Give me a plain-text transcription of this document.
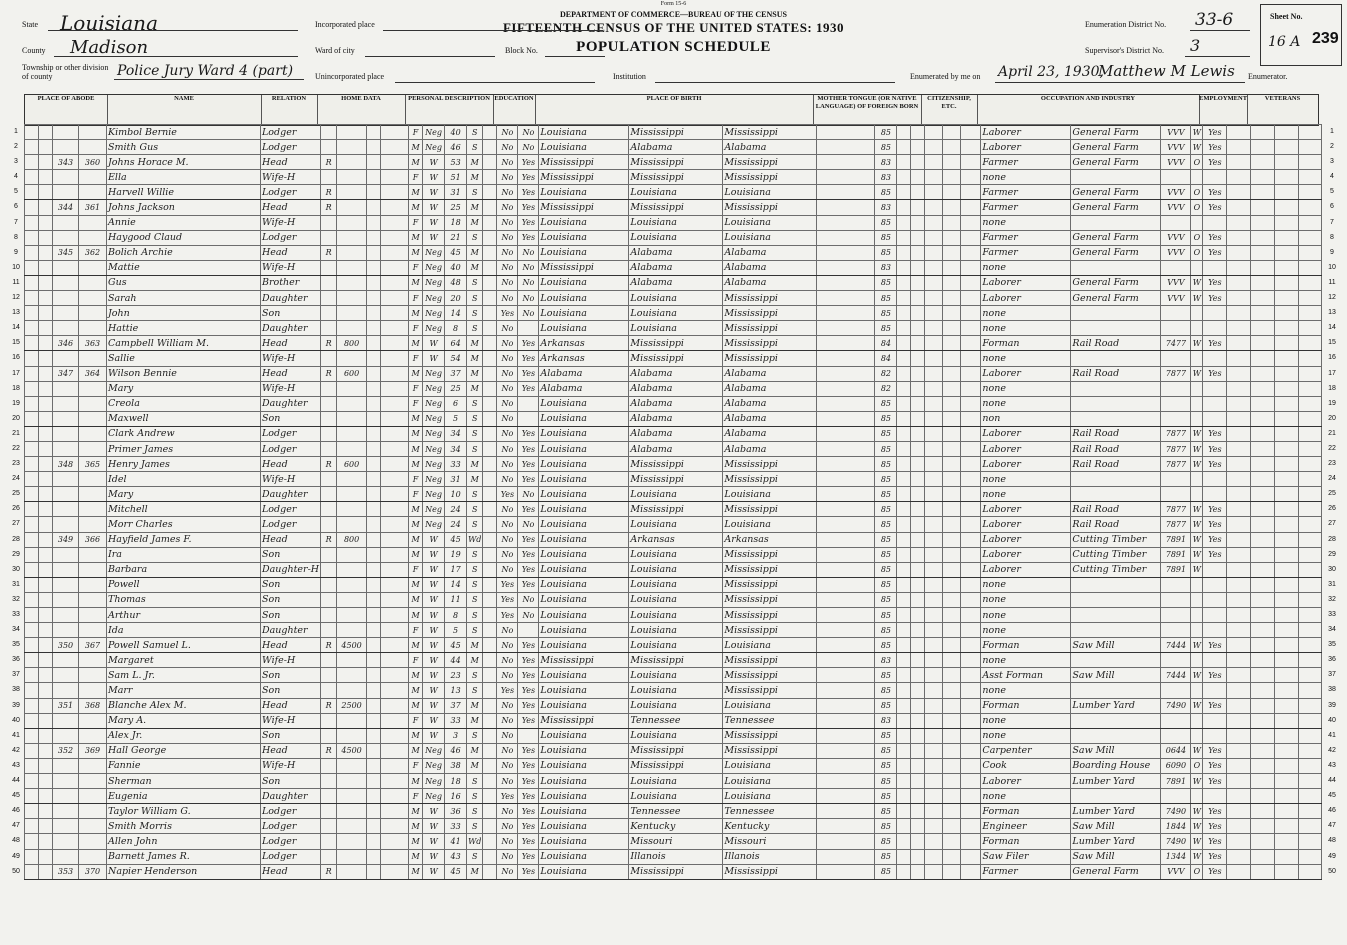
Form 15-6
DEPARTMENT OF COMMERCE—BUREAU OF THE CENSUS
FIFTEENTH CENSUS OF THE UNITED STATES: 1930
POPULATION SCHEDULE
State Louisiana
County Madison
Township or other division of county	Police Jury Ward 4 (part)
Incorporated place
Ward of city	Block No.
Unincorporated place	Institution
Enumeration District No. 33-6
Supervisor's District No. 3
Sheet No.
16 A 239
Enumerated by me on April 23, 1930,
Matthew M Lewis Enumerator.
PLACE OF ABODE	NAME	RELATION	HOME DATA	PERSONAL DESCRIPTION EDUCATION	PLACE OF BIRTH	MOTHER TONGUE (OR NATIVE LANGUAGE) OF FOREIGN BORN
CITIZENSHIP, ETC.
OCCUPATION AND INDUSTRY	EMPLOYMENT	VETERANS
1
2
3
4
5
6
7
8
9
10
11
12
13
14
15
16
17
18
19
20
21
22
23
24
25
26
27
28
29
30
31
32
33
34
35
36
37
38
39
40
41
42
43
44
45
46
47
48
49
50
				Kimbol Bernie	Lodger					F	Neg	40	S		No	No	Louisiana	Mississippi	Mississippi		85						Laborer	General Farm	VVV	W	Yes				
				Smith Gus	Lodger					M	Neg	46	S		No	No	Louisiana	Alabama	Alabama		85						Laborer	General Farm	VVV	W	Yes				
		343	360	Johns Horace M.	Head	R				M	W	53	M		No	Yes	Mississippi	Mississippi	Mississippi		83						Farmer	General Farm	VVV	O	Yes				
				Ella	Wife-H					F	W	51	M		No	Yes	Mississippi	Mississippi	Mississippi		83						none								
				Harvell Willie	Lodger	R				M	W	31	S		No	Yes	Louisiana	Louisiana	Louisiana		85						Farmer	General Farm	VVV	O	Yes				
		344	361	Johns Jackson	Head	R				M	W	25	M		No	Yes	Mississippi	Mississippi	Mississippi		83						Farmer	General Farm	VVV	O	Yes				
				Annie	Wife-H					F	W	18	M		No	Yes	Louisiana	Louisiana	Louisiana		85						none								
				Haygood Claud	Lodger					M	W	21	S		No	Yes	Louisiana	Louisiana	Louisiana		85						Farmer	General Farm	VVV	O	Yes				
		345	362	Bolich Archie	Head	R				M	Neg	45	M		No	No	Louisiana	Alabama	Alabama		85						Farmer	General Farm	VVV	O	Yes				
				Mattie	Wife-H					F	Neg	40	M		No	No	Mississippi	Alabama	Alabama		83						none								
				Gus	Brother					M	Neg	48	S		No	No	Louisiana	Alabama	Alabama		85						Laborer	General Farm	VVV	W	Yes				
				Sarah	Daughter					F	Neg	20	S		No	No	Louisiana	Louisiana	Mississippi		85						Laborer	General Farm	VVV	W	Yes				
				John	Son					M	Neg	14	S		Yes	No	Louisiana	Louisiana	Mississippi		85						none								
				Hattie	Daughter					F	Neg	8	S		No		Louisiana	Louisiana	Mississippi		85						none								
		346	363	Campbell William M.	Head	R	800			M	W	64	M		No	Yes	Arkansas	Mississippi	Mississippi		84						Forman	Rail Road	7477	W	Yes				
				Sallie	Wife-H					F	W	54	M		No	Yes	Arkansas	Mississippi	Mississippi		84						none								
		347	364	Wilson Bennie	Head	R	600			M	Neg	37	M		No	Yes	Alabama	Alabama	Alabama		82						Laborer	Rail Road	7877	W	Yes				
				Mary	Wife-H					F	Neg	25	M		No	Yes	Alabama	Alabama	Alabama		82						none								
				Creola	Daughter					F	Neg	6	S		No		Louisiana	Alabama	Alabama		85						none								
				Maxwell	Son					M	Neg	5	S		No		Louisiana	Alabama	Alabama		85						non								
				Clark Andrew	Lodger					M	Neg	34	S		No	Yes	Louisiana	Alabama	Alabama		85						Laborer	Rail Road	7877	W	Yes				
				Primer James	Lodger					M	Neg	34	S		No	Yes	Louisiana	Alabama	Alabama		85						Laborer	Rail Road	7877	W	Yes				
		348	365	Henry James	Head	R	600			M	Neg	33	M		No	Yes	Louisiana	Mississippi	Mississippi		85						Laborer	Rail Road	7877	W	Yes				
				Idel	Wife-H					F	Neg	31	M		No	Yes	Louisiana	Mississippi	Mississippi		85						none								
				Mary	Daughter					F	Neg	10	S		Yes	No	Louisiana	Louisiana	Louisiana		85						none								
				Mitchell	Lodger					M	Neg	24	S		No	Yes	Louisiana	Mississippi	Mississippi		85						Laborer	Rail Road	7877	W	Yes				
				Morr Charles	Lodger					M	Neg	24	S		No	No	Louisiana	Louisiana	Louisiana		85						Laborer	Rail Road	7877	W	Yes				
		349	366	Hayfield James F.	Head	R	800			M	W	45	Wd		No	Yes	Louisiana	Arkansas	Arkansas		85						Laborer	Cutting Timber	7891	W	Yes				
				Ira	Son					M	W	19	S		No	Yes	Louisiana	Louisiana	Mississippi		85						Laborer	Cutting Timber	7891	W	Yes				
				Barbara	Daughter-H					F	W	17	S		No	Yes	Louisiana	Louisiana	Mississippi		85						Laborer	Cutting Timber	7891	W					
				Powell	Son					M	W	14	S		Yes	Yes	Louisiana	Louisiana	Mississippi		85						none								
				Thomas	Son					M	W	11	S		Yes	No	Louisiana	Louisiana	Mississippi		85						none								
				Arthur	Son					M	W	8	S		Yes	No	Louisiana	Louisiana	Mississippi		85						none								
				Ida	Daughter					F	W	5	S		No		Louisiana	Louisiana	Mississippi		85						none								
		350	367	Powell Samuel L.	Head	R	4500			M	W	45	M		No	Yes	Louisiana	Louisiana	Louisiana		85						Forman	Saw Mill	7444	W	Yes				
				Margaret	Wife-H					F	W	44	M		No	Yes	Mississippi	Mississippi	Mississippi		83						none								
				Sam L. Jr.	Son					M	W	23	S		No	Yes	Louisiana	Louisiana	Mississippi		85						Asst Forman	Saw Mill	7444	W	Yes				
				Marr	Son					M	W	13	S		Yes	Yes	Louisiana	Louisiana	Mississippi		85						none								
		351	368	Blanche Alex M.	Head	R	2500			M	W	37	M		No	Yes	Louisiana	Louisiana	Louisiana		85						Forman	Lumber Yard	7490	W	Yes				
				Mary A.	Wife-H					F	W	33	M		No	Yes	Mississippi	Tennessee	Tennessee		83						none								
				Alex Jr.	Son					M	W	3	S		No		Louisiana	Louisiana	Mississippi		85						none								
		352	369	Hall George	Head	R	4500			M	Neg	46	M		No	Yes	Louisiana	Mississippi	Mississippi		85						Carpenter	Saw Mill	0644	W	Yes				
				Fannie	Wife-H					F	Neg	38	M		No	Yes	Louisiana	Mississippi	Louisiana		85						Cook	Boarding House	6090	O	Yes				
				Sherman	Son					M	Neg	18	S		No	Yes	Louisiana	Louisiana	Louisiana		85						Laborer	Lumber Yard	7891	W	Yes				
				Eugenia	Daughter					F	Neg	16	S		Yes	Yes	Louisiana	Louisiana	Louisiana		85						none								
				Taylor William G.	Lodger					M	W	36	S		No	Yes	Louisiana	Tennessee	Tennessee		85						Forman	Lumber Yard	7490	W	Yes				
				Smith Morris	Lodger					M	W	33	S		No	Yes	Louisiana	Kentucky	Kentucky		85						Engineer	Saw Mill	1844	W	Yes				
				Allen John	Lodger					M	W	41	Wd		No	Yes	Louisiana	Missouri	Missouri		85						Forman	Lumber Yard	7490	W	Yes				
				Barnett James R.	Lodger					M	W	43	S		No	Yes	Louisiana	Illanois	Illanois		85						Saw Filer	Saw Mill	1344	W	Yes				
		353	370	Napier Henderson	Head	R				M	W	45	M		No	Yes	Louisiana	Mississippi	Mississippi		85						Farmer	General Farm	VVV	O	Yes				
1
2
3
4
5
6
7
8
9
10
11
12
13
14
15
16
17
18
19
20
21
22
23
24
25
26
27
28
29
30
31
32
33
34
35
36
37
38
39
40
41
42
43
44
45
46
47
48
49
50
